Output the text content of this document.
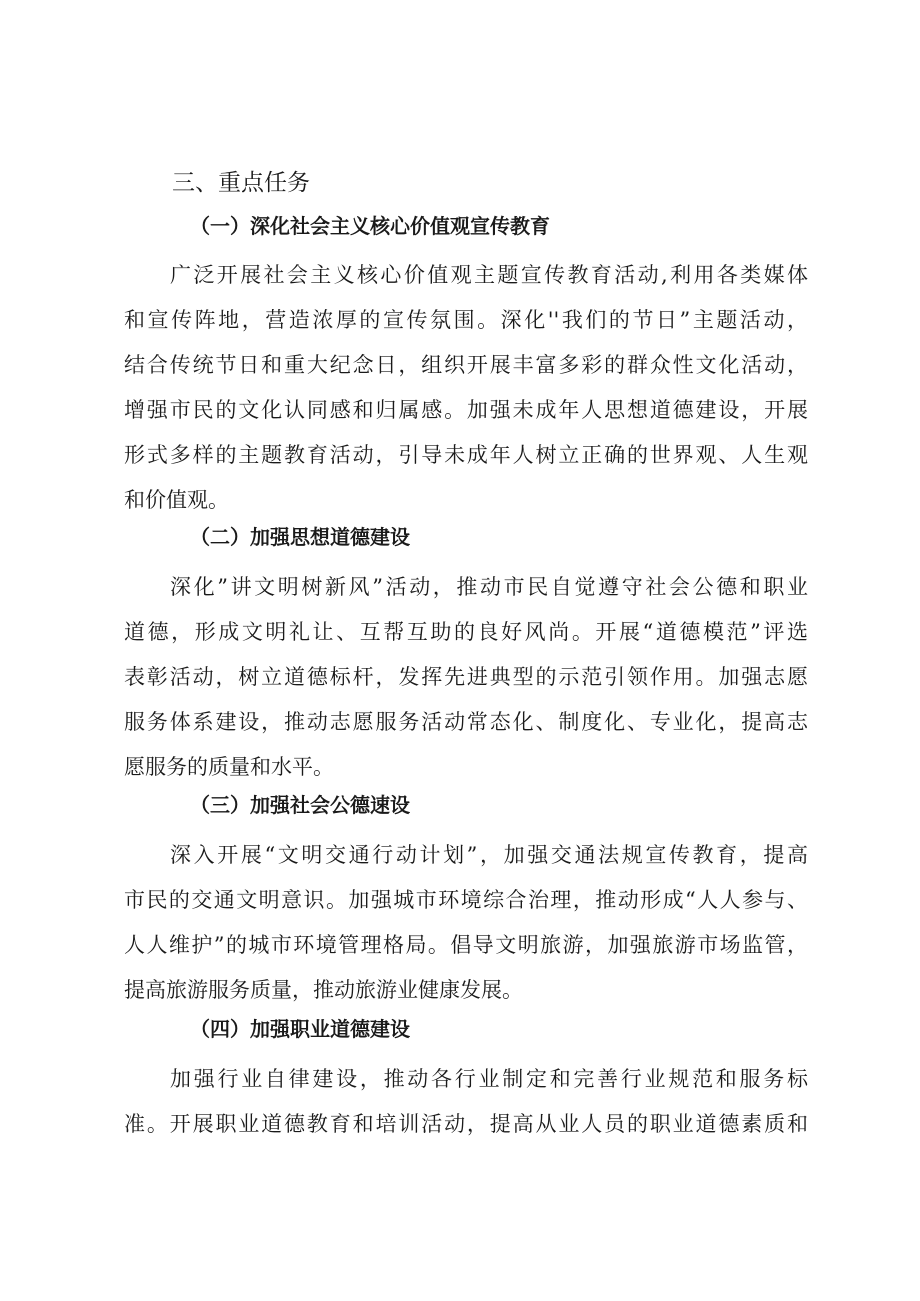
三、重点任务
（一）深化社会主义核心价值观宣传教育
广泛开展社会主义核心价值观主题宣传教育活动,利用各类媒体
和宣传阵地，营造浓厚的宣传氛围。深化''我们的节日”主题活动，
结合传统节日和重大纪念日，组织开展丰富多彩的群众性文化活动，
增强市民的文化认同感和归属感。加强未成年人思想道德建设，开展
形式多样的主题教育活动，引导未成年人树立正确的世界观、人生观
和价值观。
（二）加强思想道德建设
深化”讲文明树新风”活动，推动市民自觉遵守社会公德和职业
道德，形成文明礼让、互帮互助的良好风尚。开展“道德模范”评选
表彰活动，树立道德标杆，发挥先进典型的示范引领作用。加强志愿
服务体系建设，推动志愿服务活动常态化、制度化、专业化，提高志
愿服务的质量和水平。
（三）加强社会公德速设
深入开展“文明交通行动计划”，加强交通法规宣传教育，提高
市民的交通文明意识。加强城市环境综合治理，推动形成“人人参与、
人人维护”的城市环境管理格局。倡导文明旅游，加强旅游市场监管，
提高旅游服务质量，推动旅游业健康发展。
（四）加强职业道德建设
加强行业自律建设，推动各行业制定和完善行业规范和服务标
准。开展职业道德教育和培训活动，提高从业人员的职业道德素质和
